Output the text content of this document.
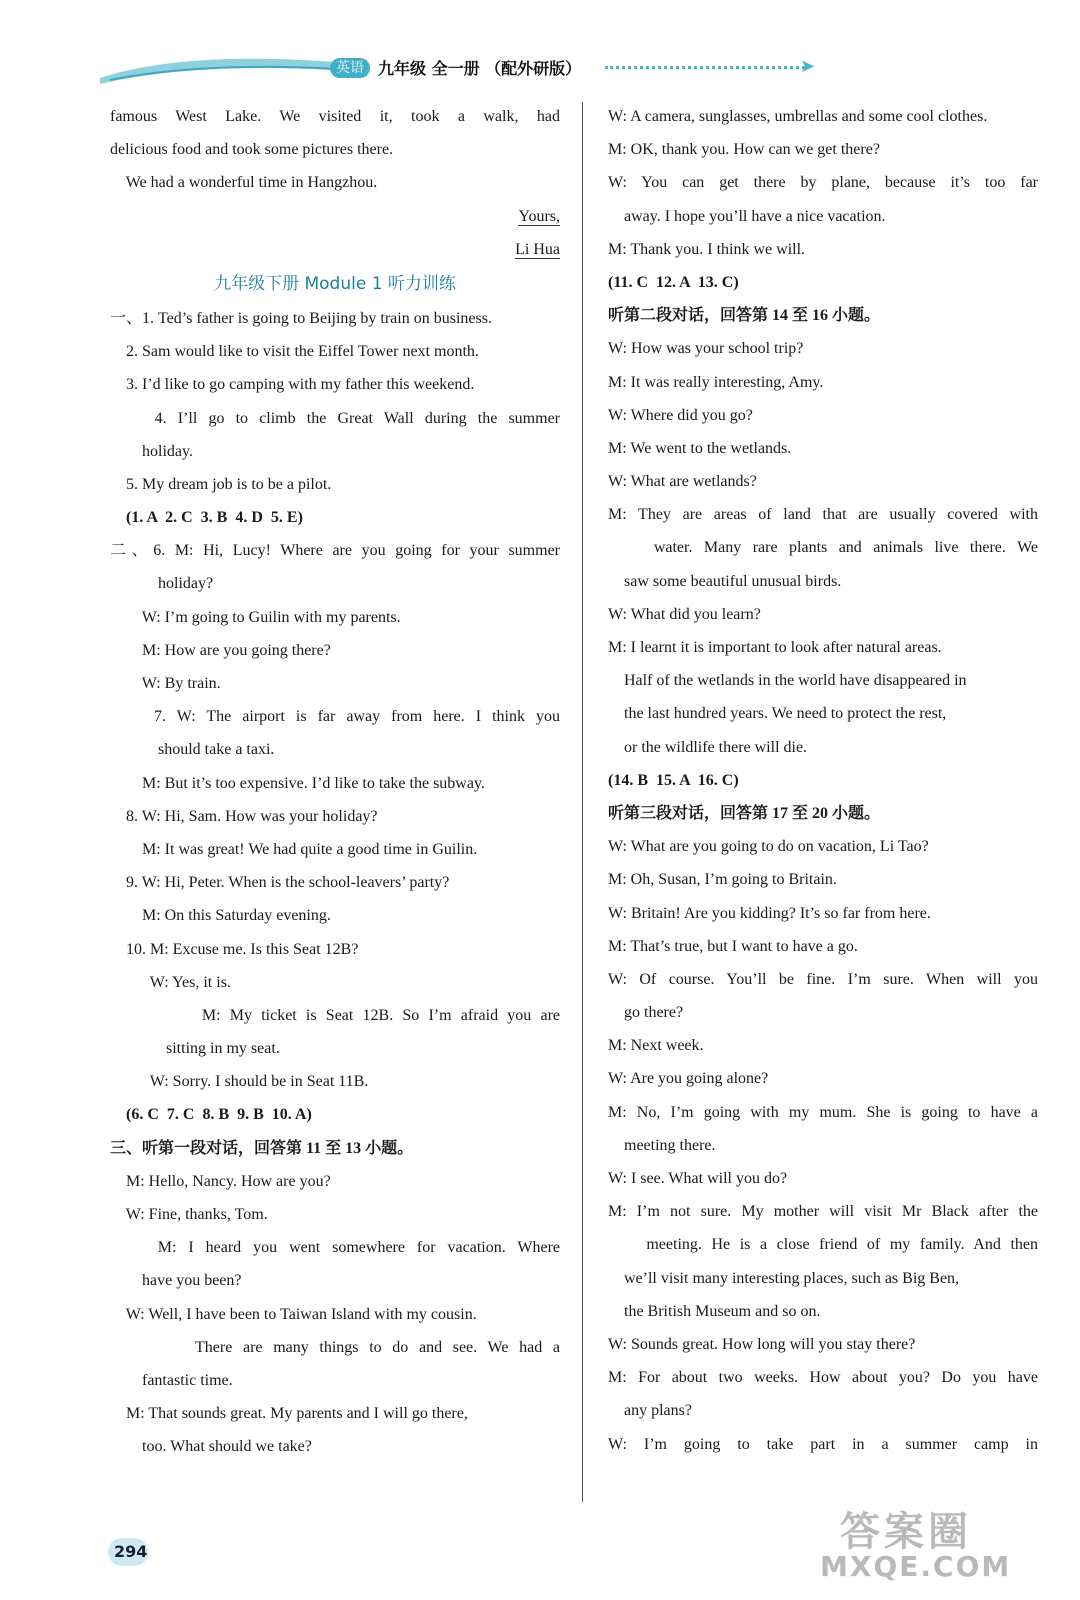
英语 九年级 全一册 （配外研版）	➤
famous West Lake. We visited it, took a walk, had
delicious food and took some pictures there.
We had a wonderful time in Hangzhou.
Yours,
Li Hua
九年级下册 Module 1 听力训练
一、1. Ted’s father is going to Beijing by train on business.
2. Sam would like to visit the Eiffel Tower next month.
3. I’d like to go camping with my father this weekend.
4. I’ll go to climb the Great Wall during the summer
holiday.
5. My dream job is to be a pilot.
(1. A  2. C  3. B  4. D  5. E)
二、6. M: Hi, Lucy! Where are you going for your summer
holiday?
W: I’m going to Guilin with my parents.
M: How are you going there?
W: By train.
7. W: The airport is far away from here. I think you
should take a taxi.
M: But it’s too expensive. I’d like to take the subway.
8. W: Hi, Sam. How was your holiday?
M: It was great! We had quite a good time in Guilin.
9. W: Hi, Peter. When is the school-leavers’ party?
M: On this Saturday evening.
10. M: Excuse me. Is this Seat 12B?
W: Yes, it is.
M: My ticket is Seat 12B. So I’m afraid you are
sitting in my seat.
W: Sorry. I should be in Seat 11B.
(6. C  7. C  8. B  9. B  10. A)
三、听第一段对话，回答第 11 至 13 小题。
M: Hello, Nancy. How are you?
W: Fine, thanks, Tom.
M: I heard you went somewhere for vacation. Where
have you been?
W: Well, I have been to Taiwan Island with my cousin.
There are many things to do and see. We had a
fantastic time.
M: That sounds great. My parents and I will go there,
too. What should we take?
W: A camera, sunglasses, umbrellas and some cool clothes.
M: OK, thank you. How can we get there?
W: You can get there by plane, because it’s too far
away. I hope you’ll have a nice vacation.
M: Thank you. I think we will.
(11. C  12. A  13. C)
听第二段对话，回答第 14 至 16 小题。
W: How was your school trip?
M: It was really interesting, Amy.
W: Where did you go?
M: We went to the wetlands.
W: What are wetlands?
M: They are areas of land that are usually covered with
water. Many rare plants and animals live there. We
saw some beautiful unusual birds.
W: What did you learn?
M: I learnt it is important to look after natural areas.
Half of the wetlands in the world have disappeared in
the last hundred years. We need to protect the rest,
or the wildlife there will die.
(14. B  15. A  16. C)
听第三段对话，回答第 17 至 20 小题。
W: What are you going to do on vacation, Li Tao?
M: Oh, Susan, I’m going to Britain.
W: Britain! Are you kidding? It’s so far from here.
M: That’s true, but I want to have a go.
W: Of course. You’ll be fine. I’m sure. When will you
go there?
M: Next week.
W: Are you going alone?
M: No, I’m going with my mum. She is going to have a
meeting there.
W: I see. What will you do?
M: I’m not sure. My mother will visit Mr Black after the
meeting. He is a close friend of my family. And then
we’ll visit many interesting places, such as Big Ben,
the British Museum and so on.
W: Sounds great. How long will you stay there?
M: For about two weeks. How about you? Do you have
any plans?
W: I’m going to take part in a summer camp in
294	答案圈
MXQE.COM
